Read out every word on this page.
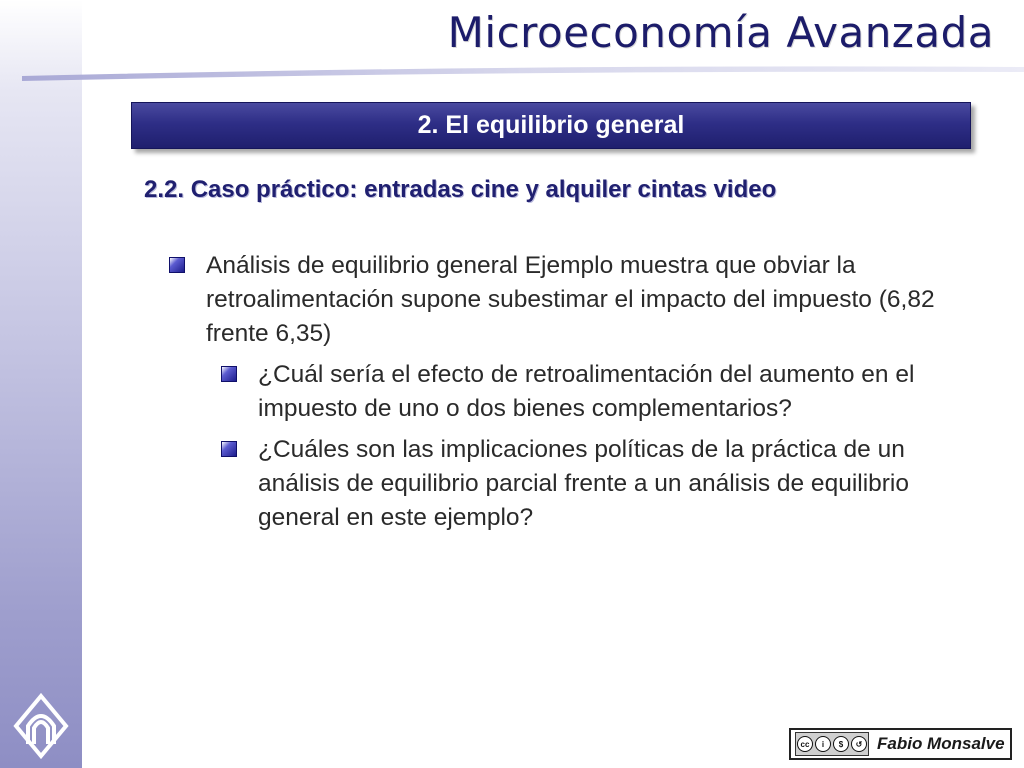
Microeconomía Avanzada
2. El equilibrio general
2.2. Caso práctico: entradas cine y alquiler cintas video
Análisis de equilibrio general Ejemplo muestra que obviar la retroalimentación supone subestimar el impacto del impuesto (6,82 frente 6,35)
¿Cuál sería el efecto de retroalimentación del aumento en el impuesto de uno o dos bienes complementarios?
¿Cuáles son las implicaciones políticas de la práctica de un análisis de equilibrio parcial frente a un análisis de equilibrio general en este ejemplo?
cc	i	$	↺ Fabio Monsalve
